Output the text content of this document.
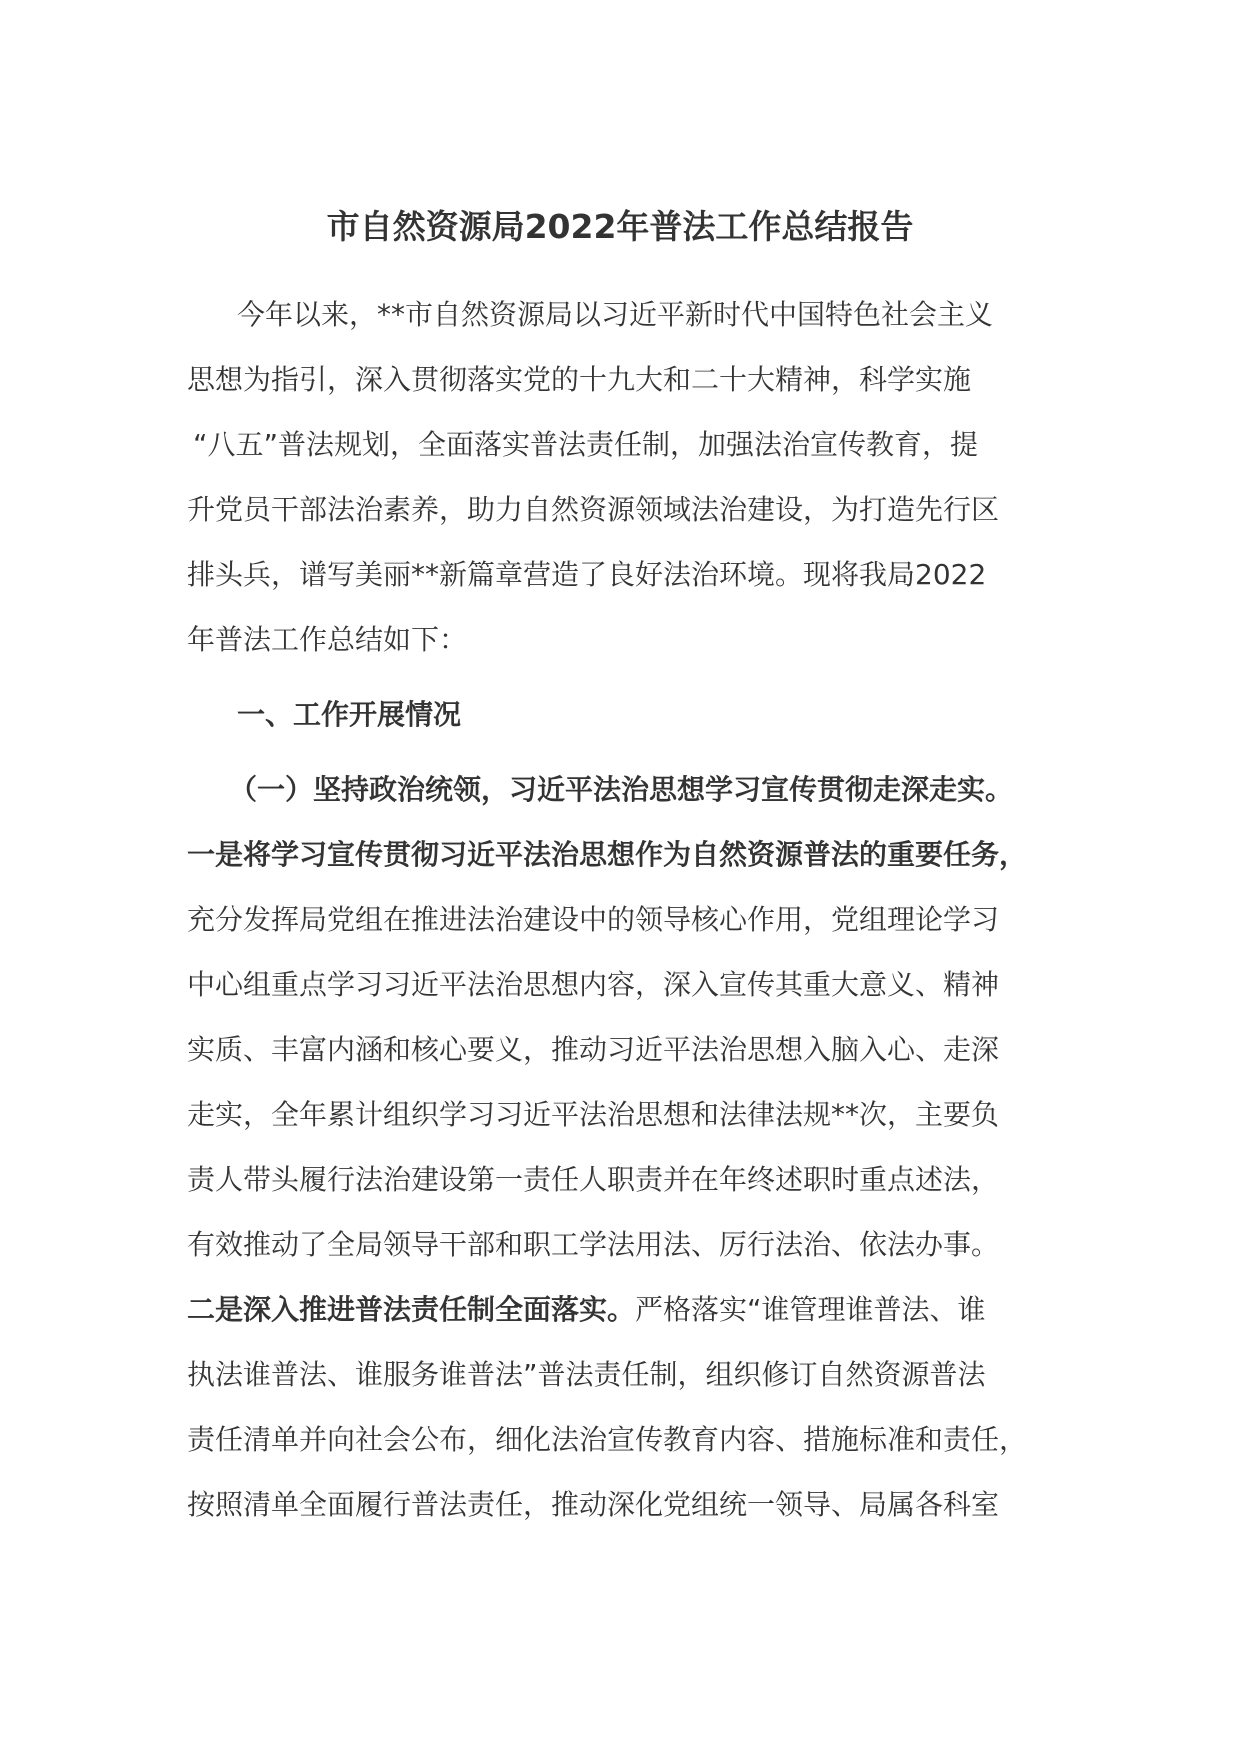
市自然资源局2022年普法工作总结报告

今年以来，**市自然资源局以习近平新时代中国特色社会主义
思想为指引，深入贯彻落实党的十九大和二十大精神，科学实施
“八五”普法规划，全面落实普法责任制，加强法治宣传教育，提
升党员干部法治素养，助力自然资源领域法治建设，为打造先行区
排头兵，谱写美丽**新篇章营造了良好法治环境。现将我局2022
年普法工作总结如下：

一、工作开展情况

（一）坚持政治统领，习近平法治思想学习宣传贯彻走深走实。
一是将学习宣传贯彻习近平法治思想作为自然资源普法的重要任务，
充分发挥局党组在推进法治建设中的领导核心作用，党组理论学习
中心组重点学习习近平法治思想内容，深入宣传其重大意义、精神
实质、丰富内涵和核心要义，推动习近平法治思想入脑入心、走深
走实，全年累计组织学习习近平法治思想和法律法规**次，主要负
责人带头履行法治建设第一责任人职责并在年终述职时重点述法，
有效推动了全局领导干部和职工学法用法、厉行法治、依法办事。
二是深入推进普法责任制全面落实。严格落实“谁管理谁普法、谁
执法谁普法、谁服务谁普法”普法责任制，组织修订自然资源普法
责任清单并向社会公布，细化法治宣传教育内容、措施标准和责任，
按照清单全面履行普法责任，推动深化党组统一领导、局属各科室
